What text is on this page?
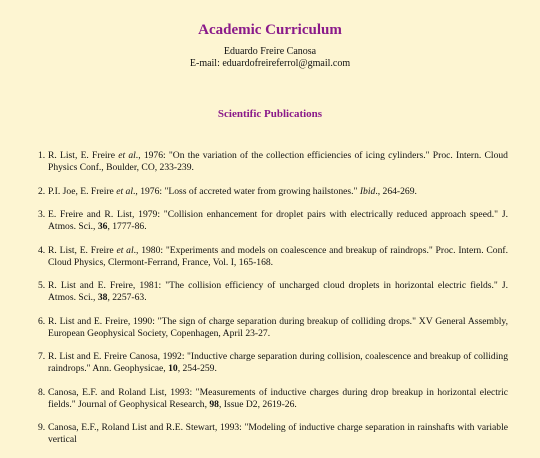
Academic Curriculum
Eduardo Freire Canosa
E-mail: eduardofreireferrol@gmail.com
Scientific Publications
1. R. List, E. Freire et al., 1976: "On the variation of the collection efficiencies of icing cylinders." Proc. Intern. Cloud Physics Conf., Boulder, CO, 233-239.
2. P.I. Joe, E. Freire et al., 1976: "Loss of accreted water from growing hailstones." Ibid., 264-269.
3. E. Freire and R. List, 1979: "Collision enhancement for droplet pairs with electrically reduced approach speed." J. Atmos. Sci., 36, 1777-86.
4. R. List, E. Freire et al., 1980: "Experiments and models on coalescence and breakup of raindrops." Proc. Intern. Conf. Cloud Physics, Clermont-Ferrand, France, Vol. I, 165-168.
5. R. List and E. Freire, 1981: "The collision efficiency of uncharged cloud droplets in horizontal electric fields." J. Atmos. Sci., 38, 2257-63.
6. R. List and E. Freire, 1990: "The sign of charge separation during breakup of colliding drops." XV General Assembly, European Geophysical Society, Copenhagen, April 23-27.
7. R. List and E. Freire Canosa, 1992: "Inductive charge separation during collision, coalescence and breakup of colliding raindrops." Ann. Geophysicae, 10, 254-259.
8. Canosa, E.F. and Roland List, 1993: "Measurements of inductive charges during drop breakup in horizontal electric fields." Journal of Geophysical Research, 98, Issue D2, 2619-26.
9. Canosa, E.F., Roland List and R.E. Stewart, 1993: "Modeling of inductive charge separation in rainshafts with variable vertical
